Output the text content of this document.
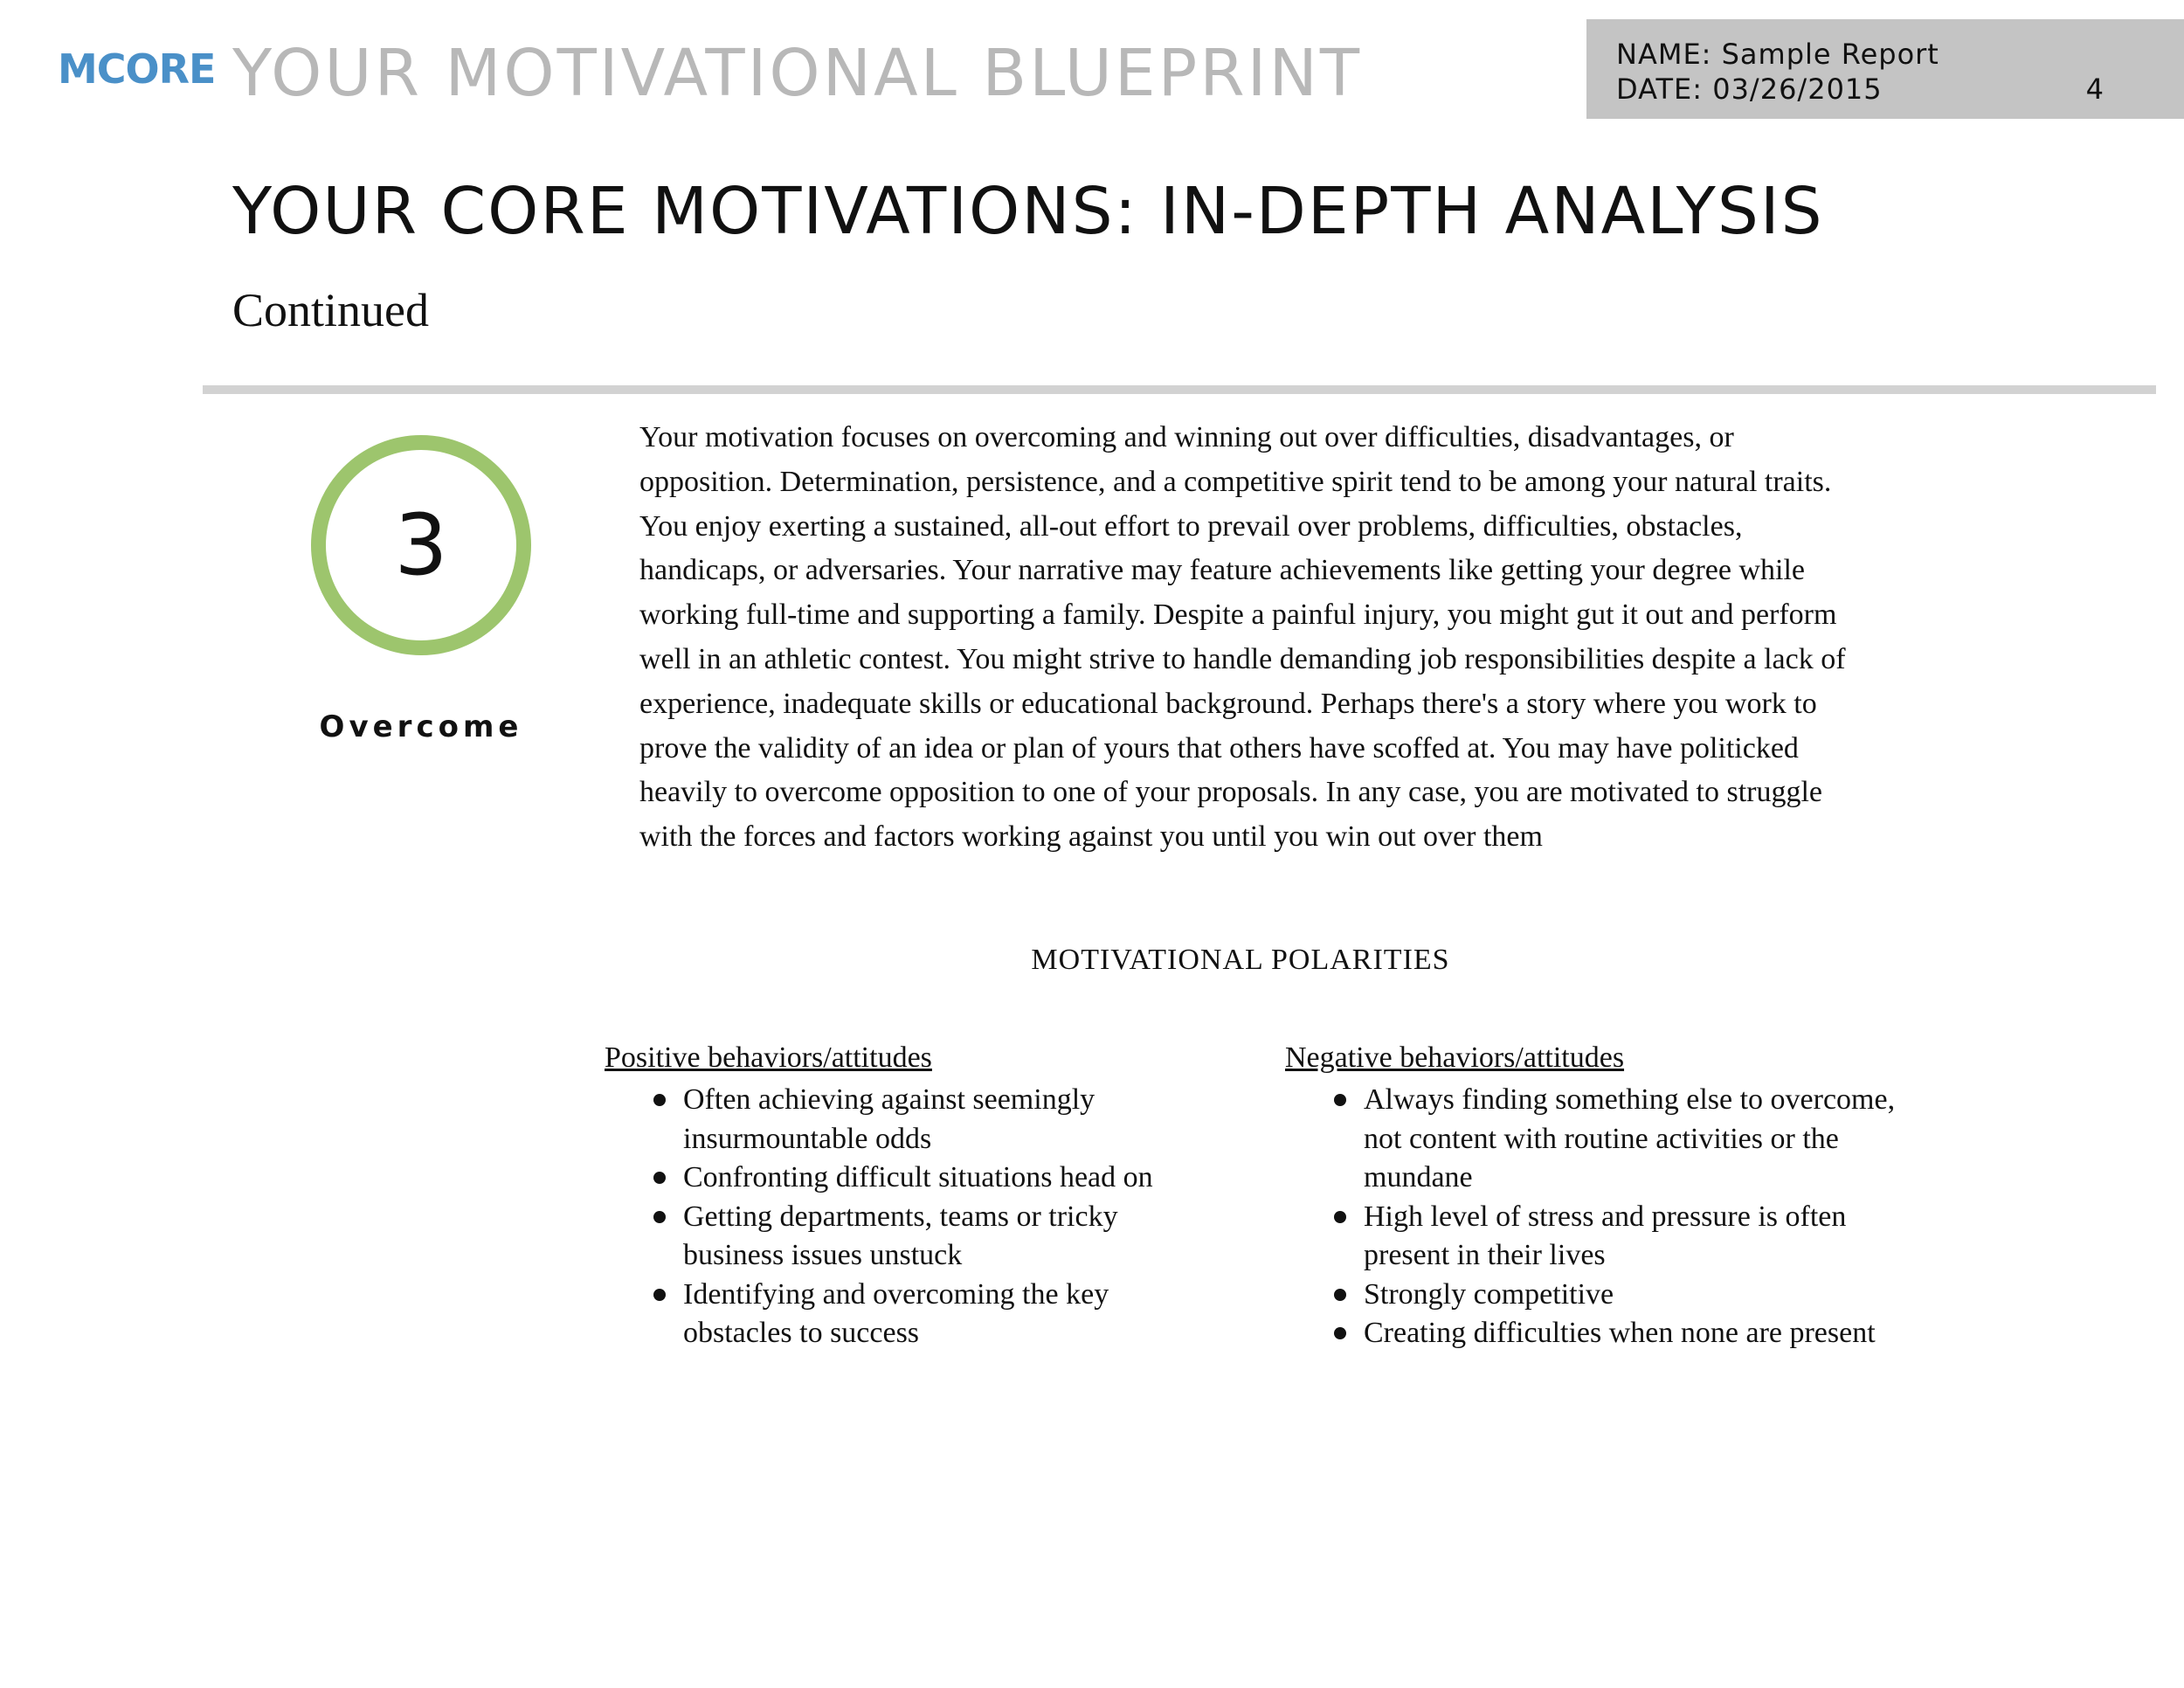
MCORE YOUR MOTIVATIONAL BLUEPRINT	NAME: Sample Report
DATE: 03/26/2015	4
YOUR CORE MOTIVATIONS: IN-DEPTH ANALYSIS
Continued
3
Overcome

Your motivation focuses on overcoming and winning out over difficulties, disadvantages, or opposition. Determination, persistence, and a competitive spirit tend to be among your natural traits. You enjoy exerting a sustained, all-out effort to prevail over problems, difficulties, obstacles, handicaps, or adversaries. Your narrative may feature achievements like getting your degree while working full-time and supporting a family. Despite a painful injury, you might gut it out and perform well in an athletic contest. You might strive to handle demanding job responsibilities despite a lack of experience, inadequate skills or educational background. Perhaps there's a story where you work to prove the validity of an idea or plan of yours that others have scoffed at. You may have politicked heavily to overcome opposition to one of your proposals. In any case, you are motivated to struggle with the forces and factors working against you until you win out over them

MOTIVATIONAL POLARITIES
Positive behaviors/attitudes
Often achieving against seemingly insurmountable odds
Confronting difficult situations head on
Getting departments, teams or tricky business issues unstuck
Identifying and overcoming the key obstacles to success
Negative behaviors/attitudes
Always finding something else to overcome, not content with routine activities or the mundane
High level of stress and pressure is often present in their lives
Strongly competitive
Creating difficulties when none are present
